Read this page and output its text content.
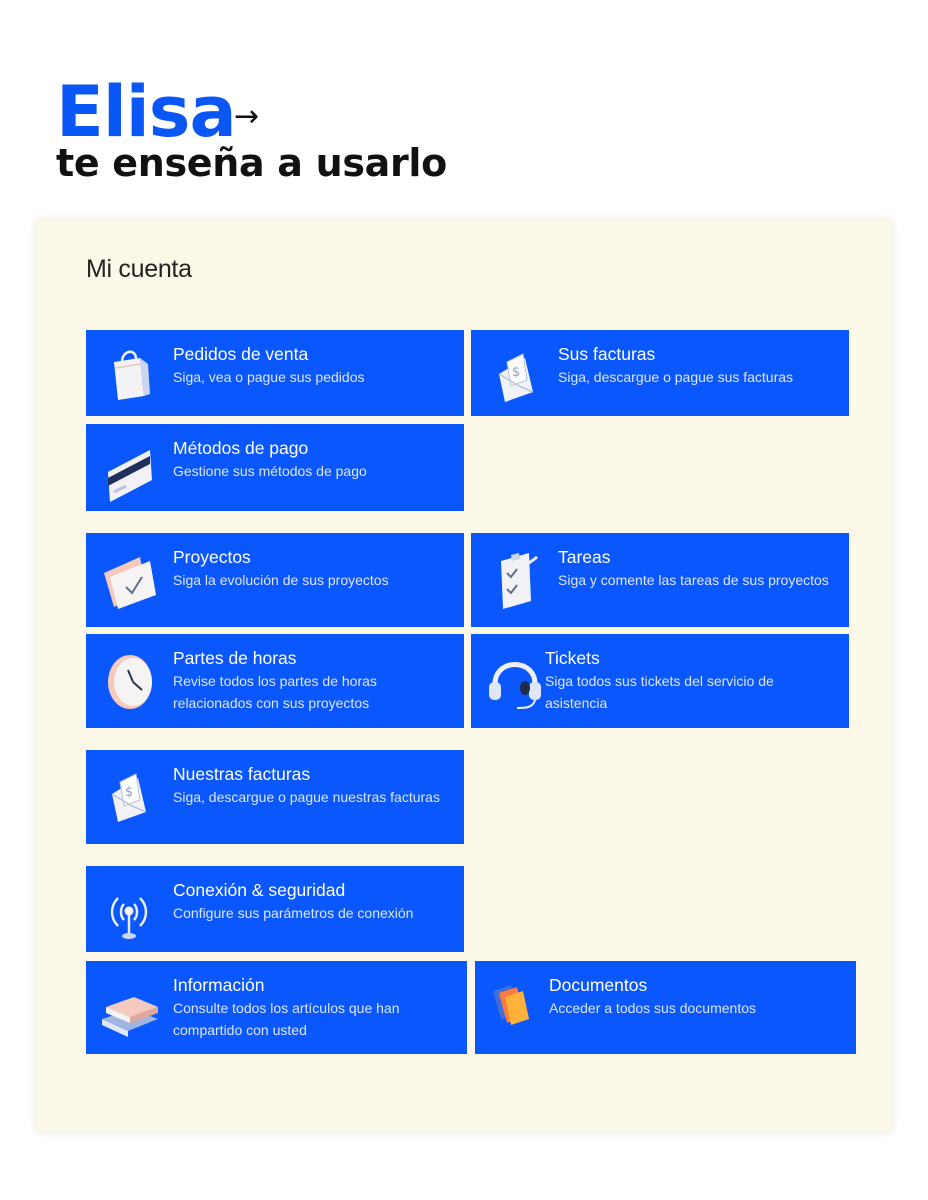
Elisa
→
te enseña a usarlo
Mi cuenta
Pedidos de venta
Siga, vea o pague sus pedidos	$
Sus facturas
Siga, descargue o pague sus facturas
Métodos de pago
Gestione sus métodos de pago
Proyectos
Siga la evolución de sus proyectos
Tareas
Siga y comente las tareas de sus proyectos
Partes de horas
Revise todos los partes de horas relacionados con sus proyectos
Tickets
Siga todos sus tickets del servicio de asistencia
$
Nuestras facturas
Siga, descargue o pague nuestras facturas
Conexión & seguridad
Configure sus parámetros de conexión
Información
Consulte todos los artículos que han compartido con usted
Documentos
Acceder a todos sus documentos
